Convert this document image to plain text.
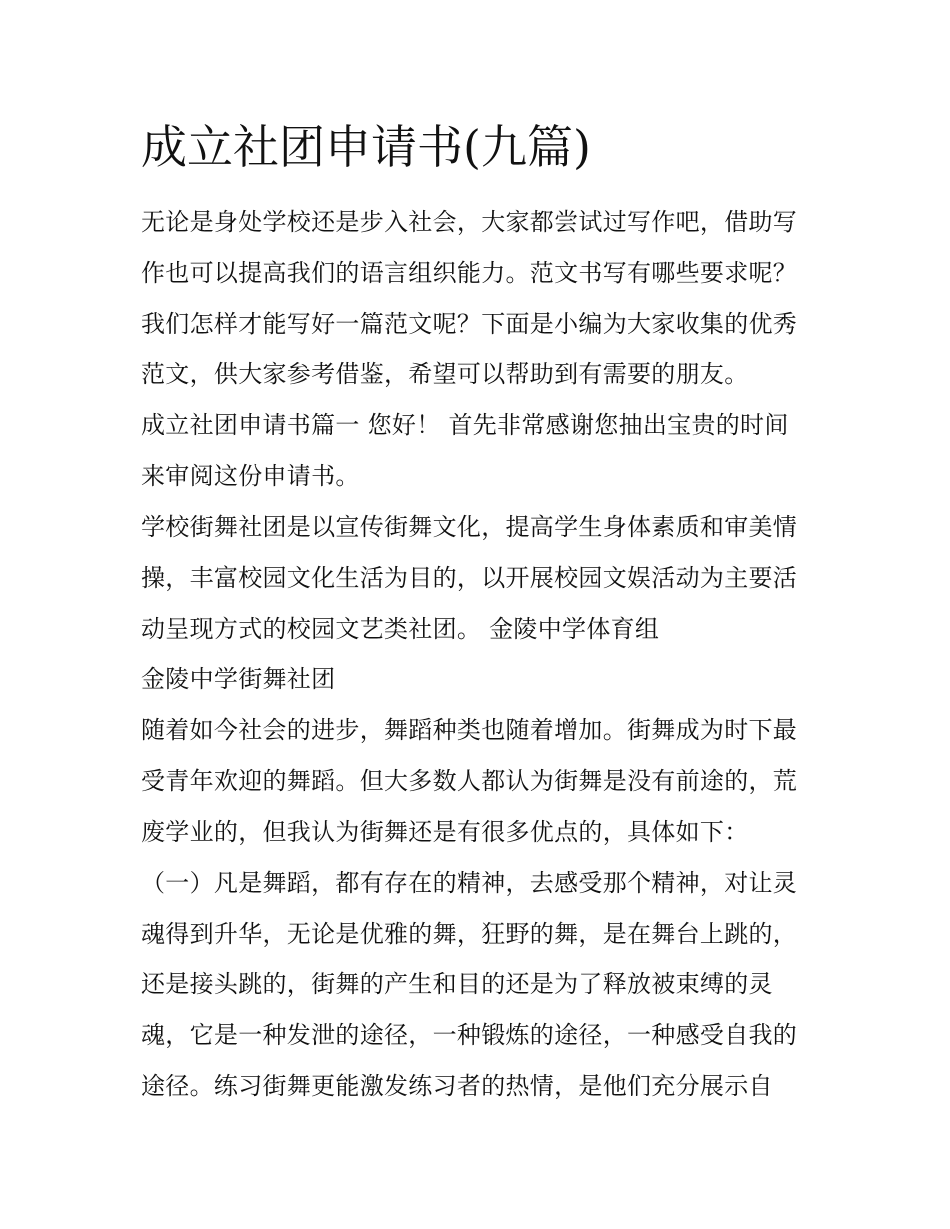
成立社团申请书(九篇)

无论是身处学校还是步入社会，大家都尝试过写作吧，借助写

作也可以提高我们的语言组织能力。范文书写有哪些要求呢？

我们怎样才能写好一篇范文呢？下面是小编为大家收集的优秀

范文，供大家参考借鉴，希望可以帮助到有需要的朋友。

成立社团申请书篇一 您好！ 首先非常感谢您抽出宝贵的时间

来审阅这份申请书。

学校街舞社团是以宣传街舞文化，提高学生身体素质和审美情

操，丰富校园文化生活为目的，以开展校园文娱活动为主要活

动呈现方式的校园文艺类社团。 金陵中学体育组

金陵中学街舞社团

随着如今社会的进步，舞蹈种类也随着增加。街舞成为时下最

受青年欢迎的舞蹈。但大多数人都认为街舞是没有前途的，荒

废学业的，但我认为街舞还是有很多优点的，具体如下：

（一）凡是舞蹈，都有存在的精神，去感受那个精神，对让灵

魂得到升华，无论是优雅的舞，狂野的舞，是在舞台上跳的，

还是接头跳的，街舞的产生和目的还是为了释放被束缚的灵

魂，它是一种发泄的途径，一种锻炼的途径，一种感受自我的

途径。练习街舞更能激发练习者的热情，是他们充分展示自
